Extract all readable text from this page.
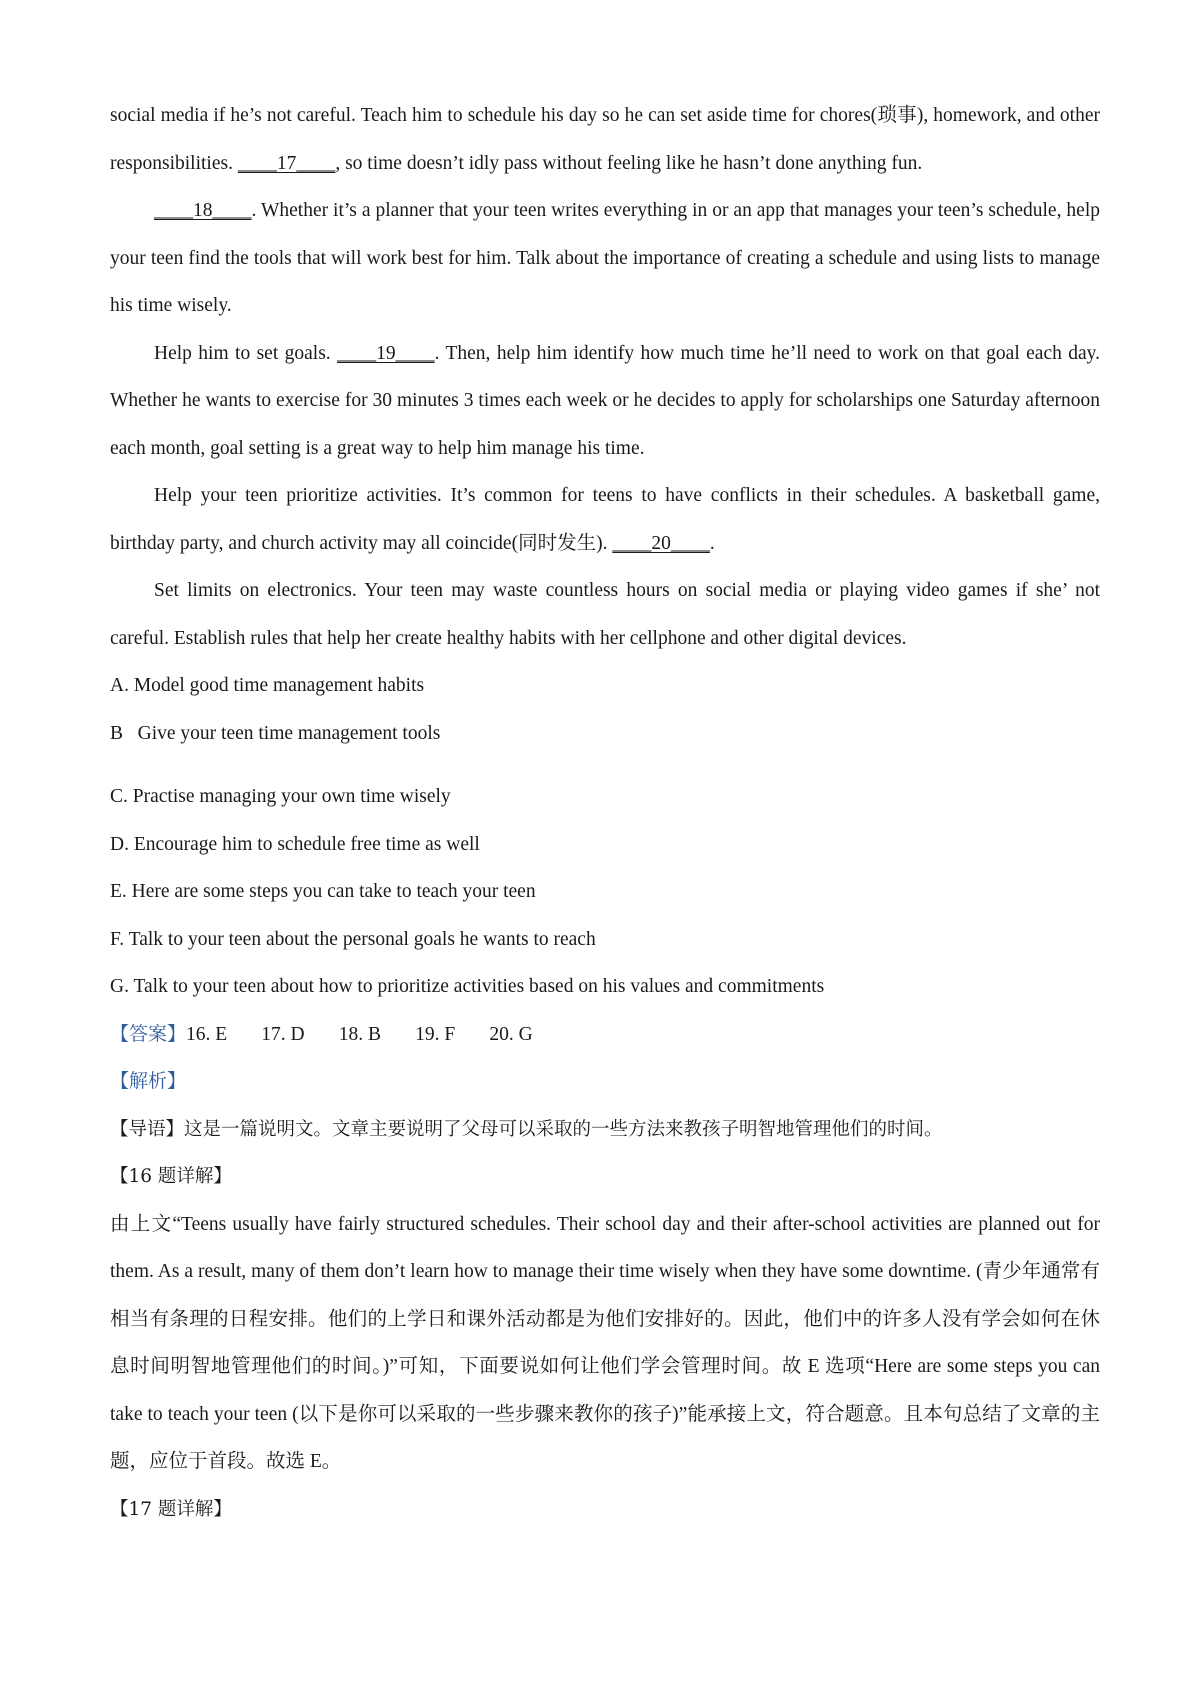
social media if he’s not careful. Teach him to schedule his day so he can set aside time for chores(琐事), homework, and other responsibilities. ____17____, so time doesn’t idly pass without feeling like he hasn’t done anything fun.

____18____. Whether it’s a planner that your teen writes everything in or an app that manages your teen’s schedule, help your teen find the tools that will work best for him. Talk about the importance of creating a schedule and using lists to manage his time wisely.

Help him to set goals. ____19____. Then, help him identify how much time he’ll need to work on that goal each day. Whether he wants to exercise for 30 minutes 3 times each week or he decides to apply for scholarships one Saturday afternoon each month, goal setting is a great way to help him manage his time.

Help your teen prioritize activities. It’s common for teens to have conflicts in their schedules. A basketball game, birthday party, and church activity may all coincide(同时发生). ____20____.

Set limits on electronics. Your teen may waste countless hours on social media or playing video games if she’ not careful. Establish rules that help her create healthy habits with her cellphone and other digital devices.

A. Model good time management habits

B   Give your teen time management tools

C. Practise managing your own time wisely

D. Encourage him to schedule free time as well

E. Here are some steps you can take to teach your teen

F. Talk to your teen about the personal goals he wants to reach

G. Talk to your teen about how to prioritize activities based on his values and commitments

【答案】16. E       17. D       18. B       19. F       20. G

【解析】

【导语】这是一篇说明文。文章主要说明了父母可以采取的一些方法来教孩子明智地管理他们的时间。

【16 题详解】

由上文“Teens usually have fairly structured schedules. Their school day and their after-school activities are planned out for them. As a result, many of them don’t learn how to manage their time wisely when they have some downtime. (青少年通常有相当有条理的日程安排。他们的上学日和课外活动都是为他们安排好的。因此，他们中的许多人没有学会如何在休息时间明智地管理他们的时间。)”可知，下面要说如何让他们学会管理时间。故 E 选项“Here are some steps you can take to teach your teen (以下是你可以采取的一些步骤来教你的孩子)”能承接上文，符合题意。且本句总结了文章的主题，应位于首段。故选 E。

【17 题详解】
